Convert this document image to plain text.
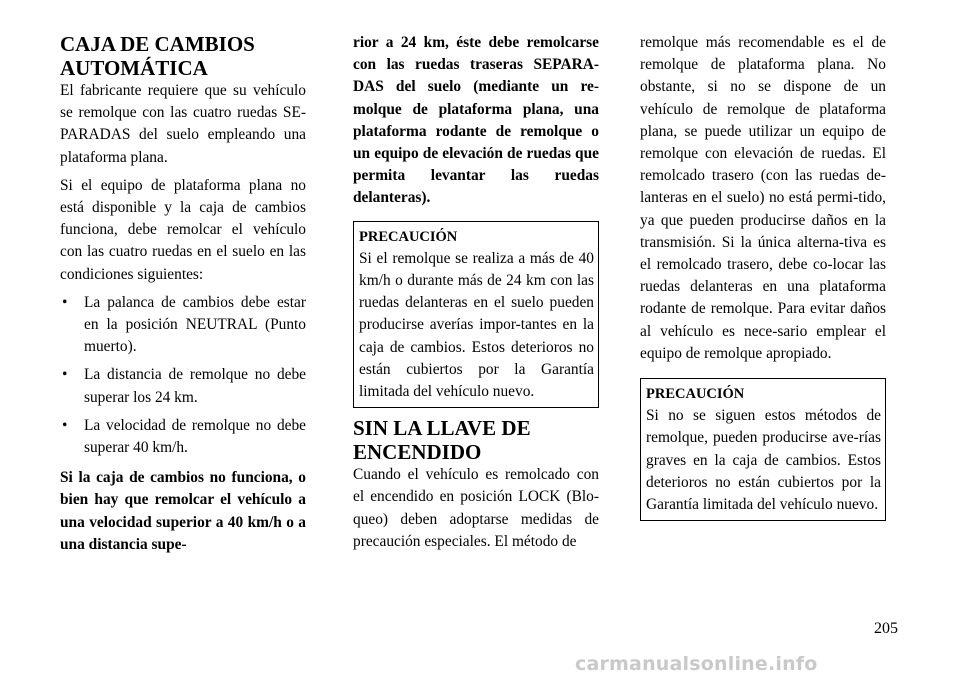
CAJA DE CAMBIOS AUTOMÁTICA

El fabricante requiere que su vehículo se remolque con las cuatro ruedas SE-PARADAS del suelo empleando una plataforma plana.

Si el equipo de plataforma plana no está disponible y la caja de cambios funciona, debe remolcar el vehículo con las cuatro ruedas en el suelo en las condiciones siguientes:

• La palanca de cambios debe estar en la posición NEUTRAL (Punto muerto).
• La distancia de remolque no debe superar los 24 km.
• La velocidad de remolque no debe superar 40 km/h.

Si la caja de cambios no funciona, o bien hay que remolcar el vehículo a una velocidad superior a 40 km/h o a una distancia supe-

rior a 24 km, éste debe remolcarse con las ruedas traseras SEPARA-DAS del suelo (mediante un re-molque de plataforma plana, una plataforma rodante de remolque o un equipo de elevación de ruedas que permita levantar las ruedas delanteras).

PRECAUCIÓN

Si el remolque se realiza a más de 40 km/h o durante más de 24 km con las ruedas delanteras en el suelo pueden producirse averías impor-tantes en la caja de cambios. Estos deterioros no están cubiertos por la Garantía limitada del vehículo nuevo.

SIN LA LLAVE DE ENCENDIDO

Cuando el vehículo es remolcado con el encendido en posición LOCK (Blo-queo) deben adoptarse medidas de precaución especiales. El método de

remolque más recomendable es el de remolque de plataforma plana. No obstante, si no se dispone de un vehículo de remolque de plataforma plana, se puede utilizar un equipo de remolque con elevación de ruedas. El remolcado trasero (con las ruedas de-lanteras en el suelo) no está permi-tido, ya que pueden producirse daños en la transmisión. Si la única alterna-tiva es el remolcado trasero, debe co-locar las ruedas delanteras en una plataforma rodante de remolque. Para evitar daños al vehículo es nece-sario emplear el equipo de remolque apropiado.

PRECAUCIÓN

Si no se siguen estos métodos de remolque, pueden producirse ave-rías graves en la caja de cambios. Estos deterioros no están cubiertos por la Garantía limitada del vehículo nuevo.

205
carmanualsonline.info
